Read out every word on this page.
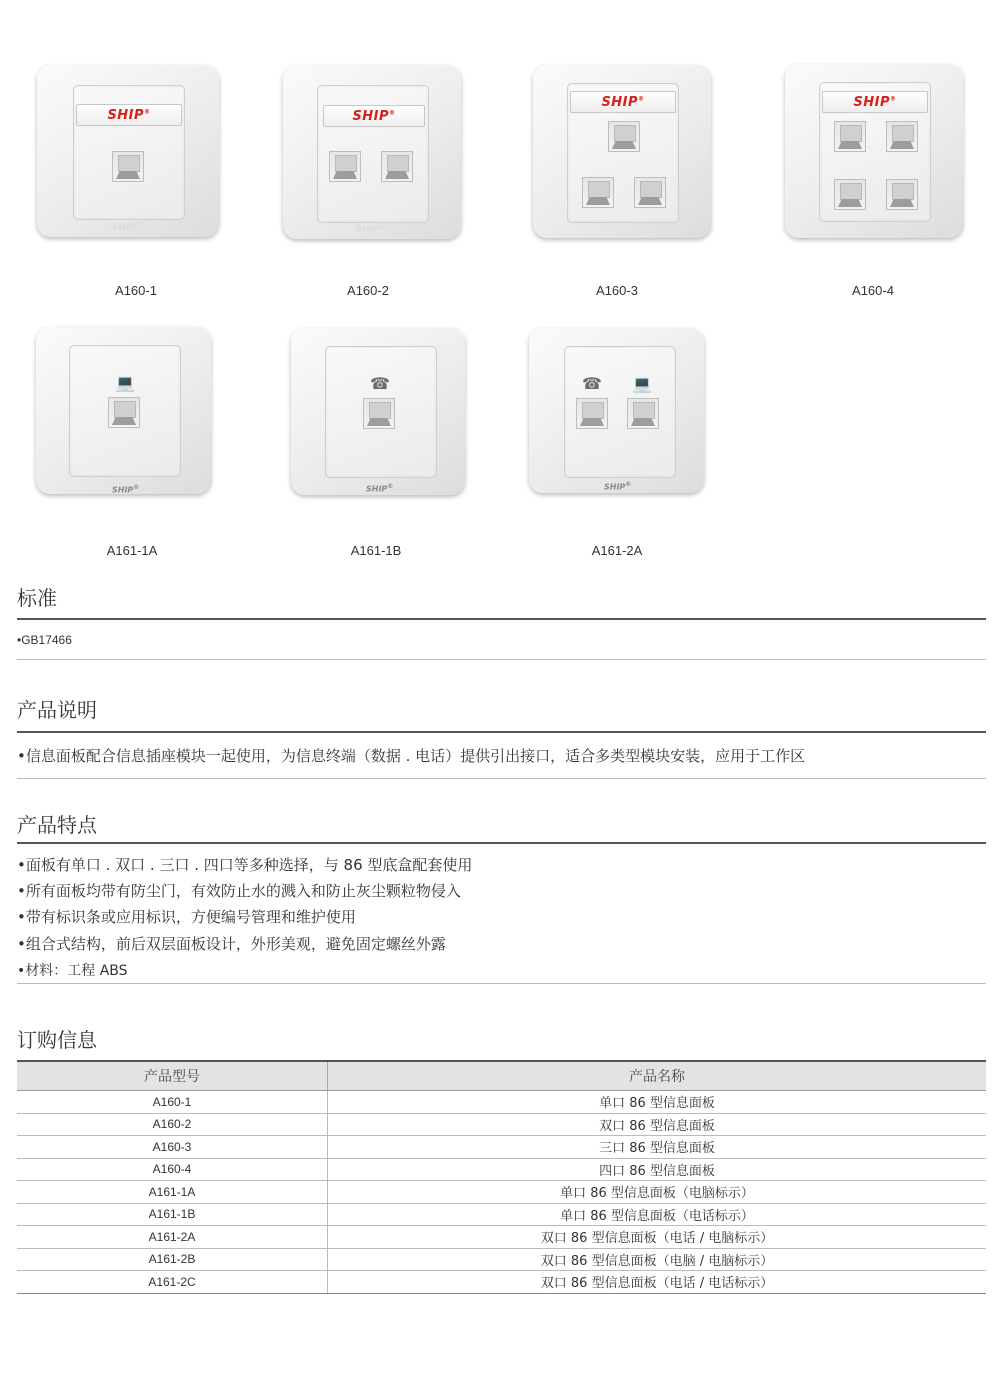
SHIP®
SHIP®
A160-1
SHIP®
SHIP®
A160-2
SHIP®
A160-3
SHIP®
A160-4
💻
SHIP®
A161-1A
☎
SHIP®
A161-1B
☎ 💻
SHIP®
A161-2A
标准
•GB17466
产品说明
•信息面板配合信息插座模块一起使用，为信息终端（数据 . 电话）提供引出接口，适合多类型模块安装，应用于工作区
产品特点
•面板有单口 . 双口 . 三口 . 四口等多种选择，与 86 型底盒配套使用
•所有面板均带有防尘门，有效防止水的溅入和防止灰尘颗粒物侵入
•带有标识条或应用标识，方便编号管理和维护使用
•组合式结构，前后双层面板设计，外形美观，避免固定螺丝外露
•材料：工程 ABS
订购信息
产品型号	产品名称
A160-1	单口 86 型信息面板
A160-2	双口 86 型信息面板
A160-3	三口 86 型信息面板
A160-4	四口 86 型信息面板
A161-1A	单口 86 型信息面板（电脑标示）
A161-1B	单口 86 型信息面板（电话标示）
A161-2A	双口 86 型信息面板（电话 / 电脑标示）
A161-2B	双口 86 型信息面板（电脑 / 电脑标示）
A161-2C	双口 86 型信息面板（电话 / 电话标示）
